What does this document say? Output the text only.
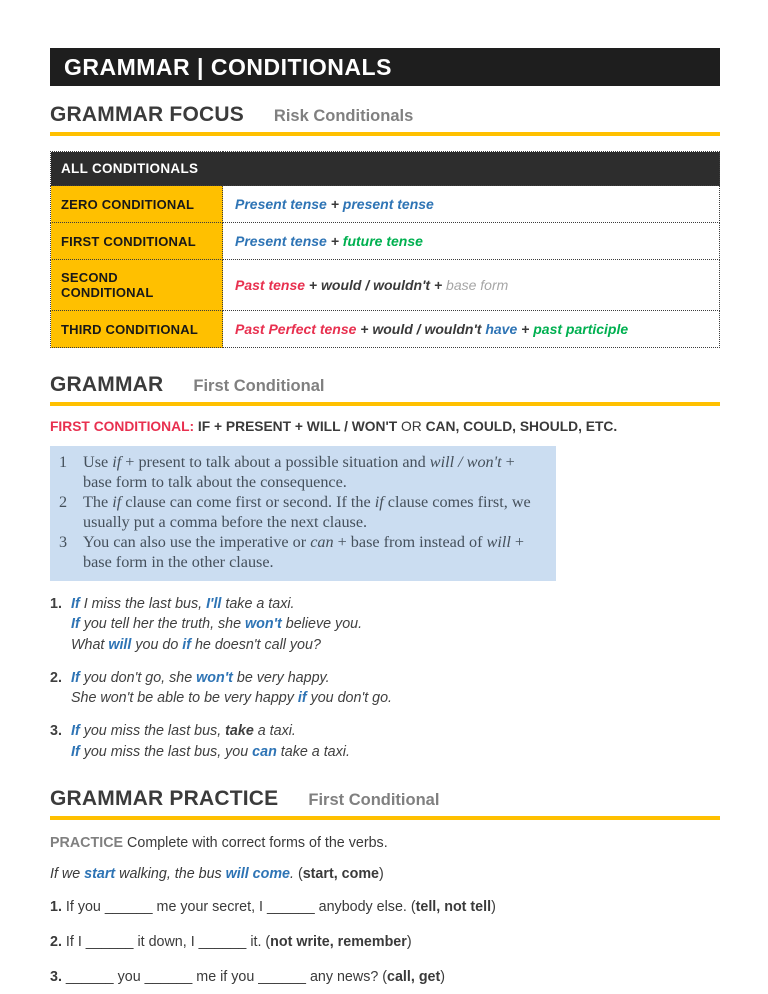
GRAMMAR | CONDITIONALS
GRAMMAR FOCUS Risk Conditionals
ALL CONDITIONALS	
ZERO CONDITIONAL	Present tense + present tense
FIRST CONDITIONAL	Present tense + future tense
SECOND CONDITIONAL	Past tense + would / wouldn't + base form
THIRD CONDITIONAL	Past Perfect tense + would / wouldn't have + past participle
GRAMMAR First Conditional
FIRST CONDITIONAL: IF + PRESENT + WILL / WON'T OR CAN, COULD, SHOULD, ETC.
1 Use if + present to talk about a possible situation and will / won't + base form to talk about the consequence.
2 The if clause can come first or second. If the if clause comes first, we usually put a comma before the next clause.
3 You can also use the imperative or can + base from instead of will + base form in the other clause.
1. If I miss the last bus, I'll take a taxi.
If you tell her the truth, she won't believe you.
What will you do if he doesn't call you?
2. If you don't go, she won't be very happy.
She won't be able to be very happy if you don't go.
3. If you miss the last bus, take a taxi.
If you miss the last bus, you can take a taxi.
GRAMMAR PRACTICE First Conditional
PRACTICE Complete with correct forms of the verbs.
If we start walking, the bus will come. (start, come)
1. If you ______ me your secret, I ______ anybody else. (tell, not tell)
2. If I ______ it down, I ______ it. (not write, remember)
3. ______ you ______ me if you ______ any news? (call, get)
